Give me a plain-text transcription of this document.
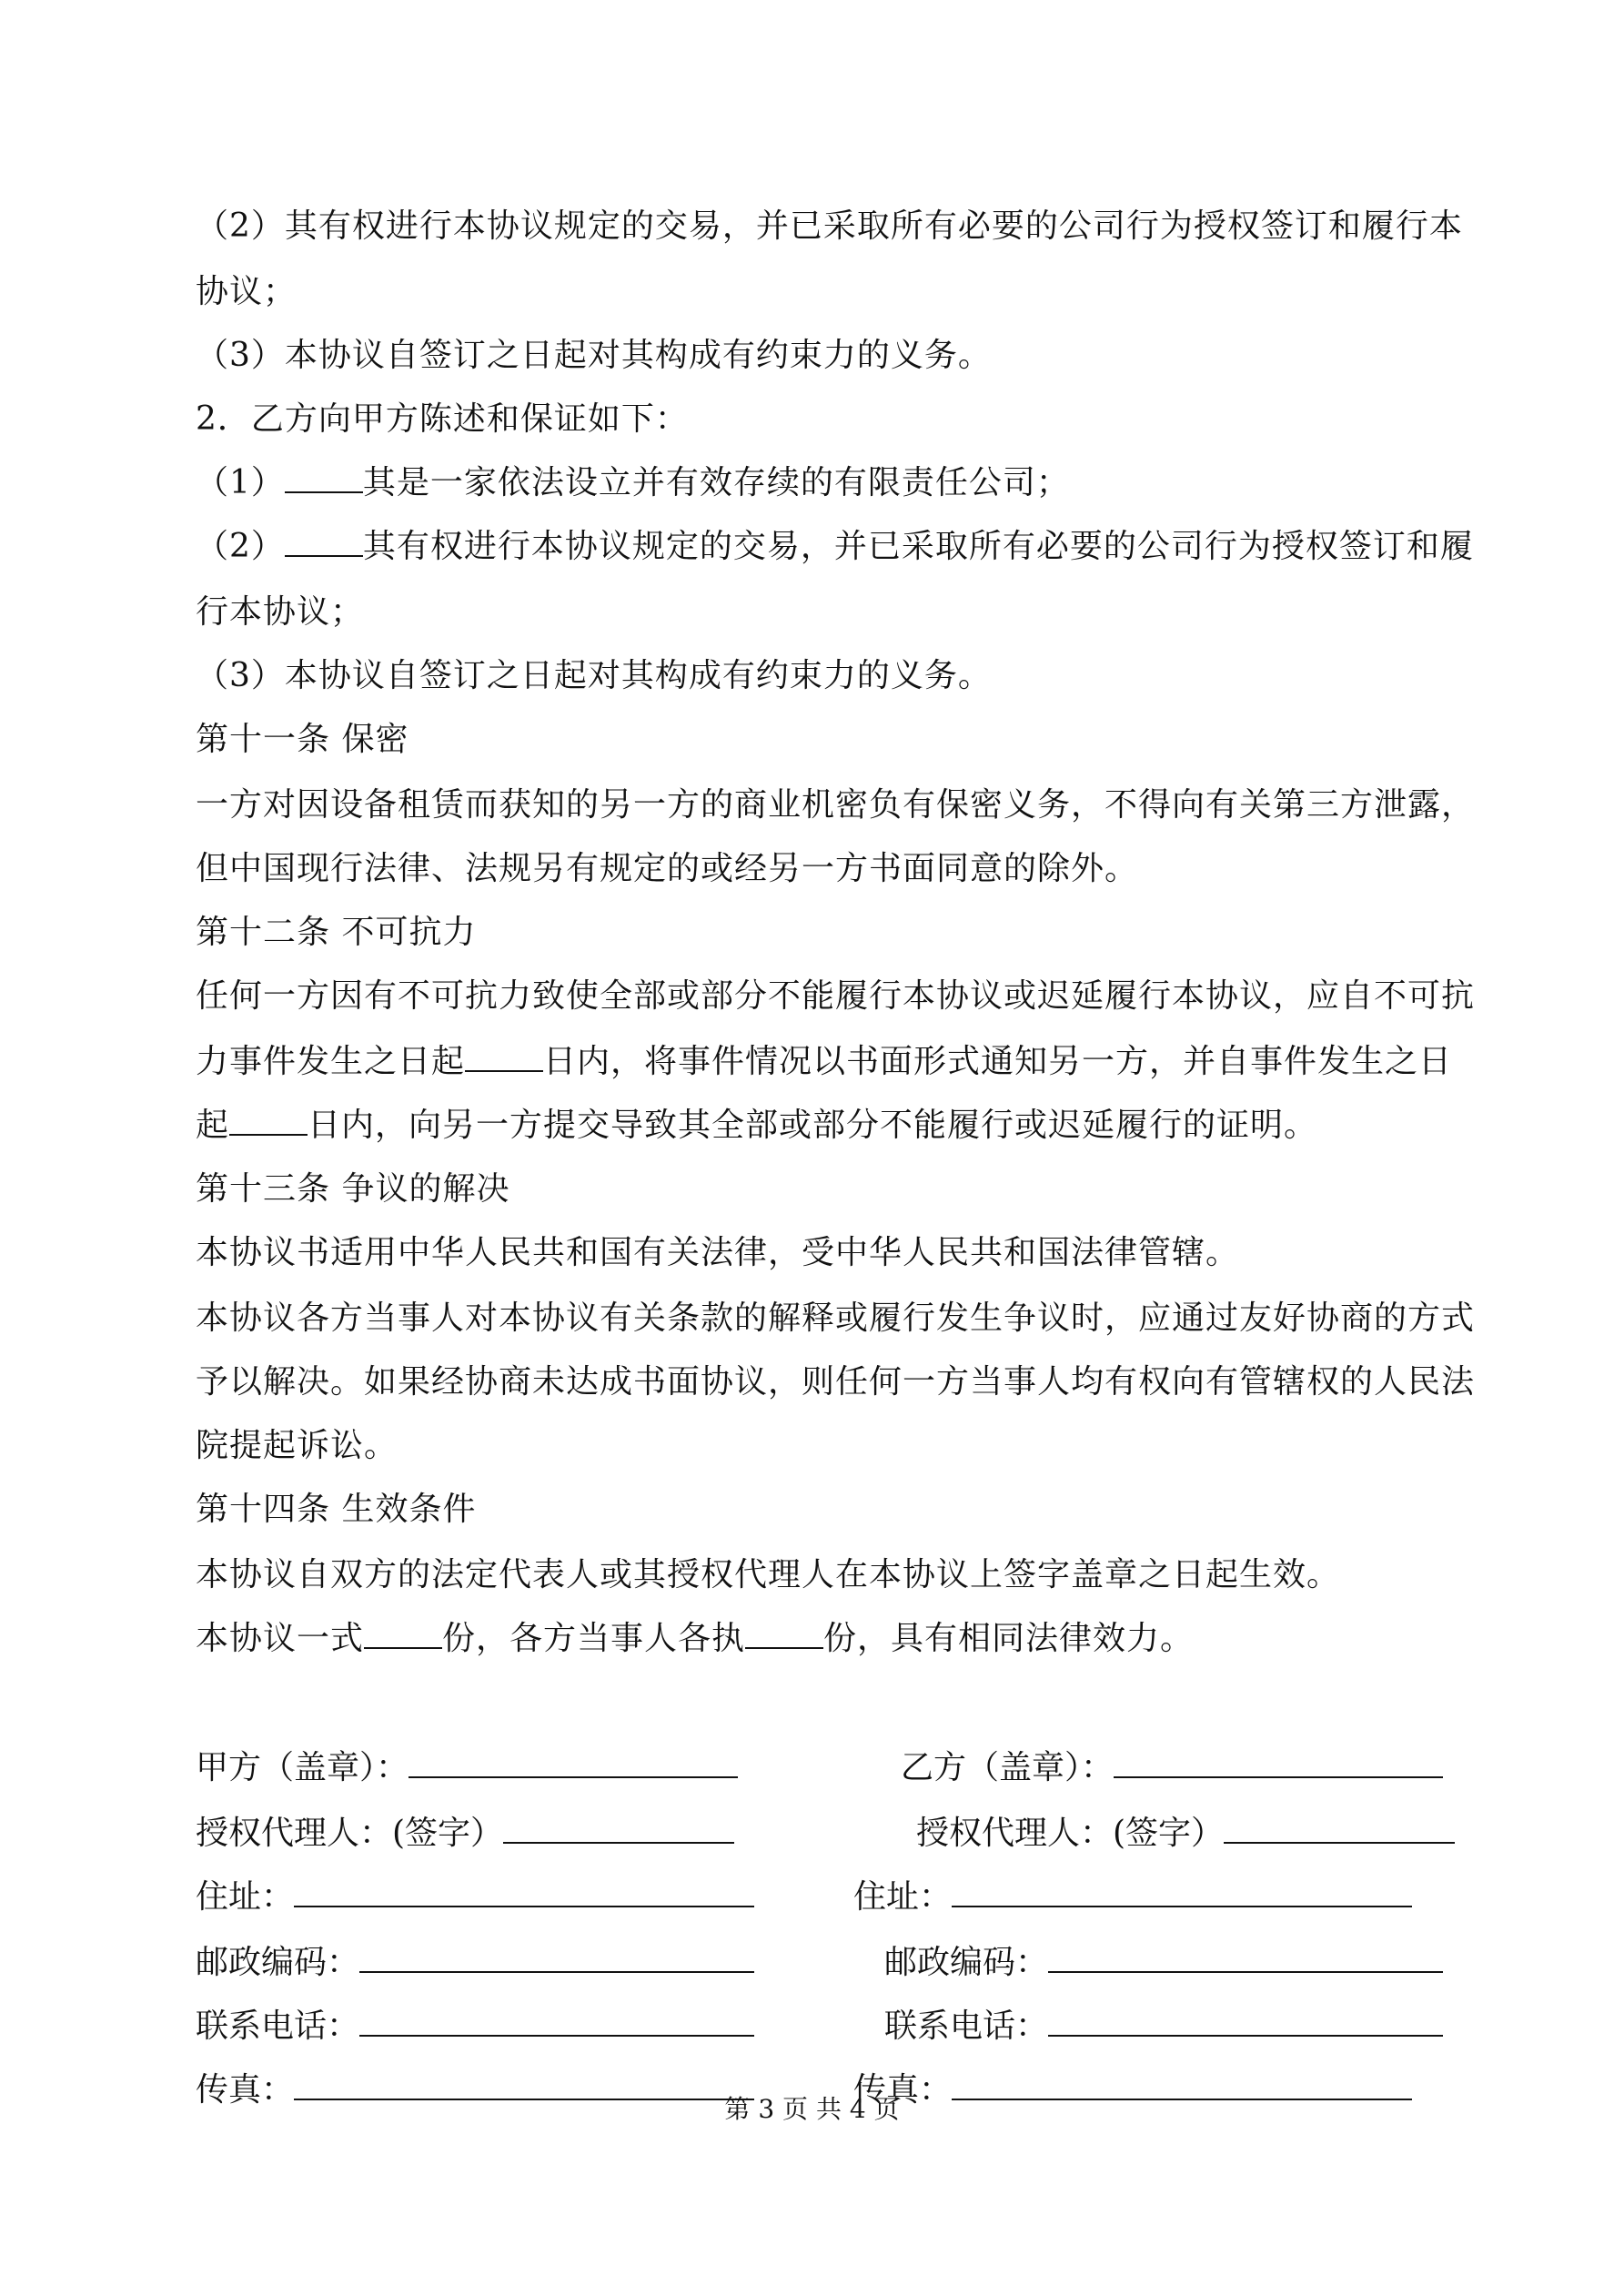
（2）其有权进行本协议规定的交易，并已采取所有必要的公司行为授权签订和履行本
协议；
（3）本协议自签订之日起对其构成有约束力的义务。
2．乙方向甲方陈述和保证如下：
（1） 其是一家依法设立并有效存续的有限责任公司；
（2） 其有权进行本协议规定的交易，并已采取所有必要的公司行为授权签订和履
行本协议；
（3）本协议自签订之日起对其构成有约束力的义务。
第十一条 保密
一方对因设备租赁而获知的另一方的商业机密负有保密义务，不得向有关第三方泄露，
但中国现行法律、法规另有规定的或经另一方书面同意的除外。
第十二条 不可抗力
任何一方因有不可抗力致使全部或部分不能履行本协议或迟延履行本协议，应自不可抗
力事件发生之日起 日内，将事件情况以书面形式通知另一方，并自事件发生之日
起 日内，向另一方提交导致其全部或部分不能履行或迟延履行的证明。
第十三条 争议的解决
本协议书适用中华人民共和国有关法律，受中华人民共和国法律管辖。
本协议各方当事人对本协议有关条款的解释或履行发生争议时，应通过友好协商的方式
予以解决。如果经协商未达成书面协议，则任何一方当事人均有权向有管辖权的人民法
院提起诉讼。
第十四条 生效条件
本协议自双方的法定代表人或其授权代理人在本协议上签字盖章之日起生效。
本协议一式 份，各方当事人各执 份，具有相同法律效力。
甲方（盖章）：	乙方（盖章）：
授权代理人：(签字）	授权代理人：(签字）
住址：	住址：
邮政编码：	邮政编码：
联系电话：	联系电话：
传真：	传真：
第 3 页 共 4 页
